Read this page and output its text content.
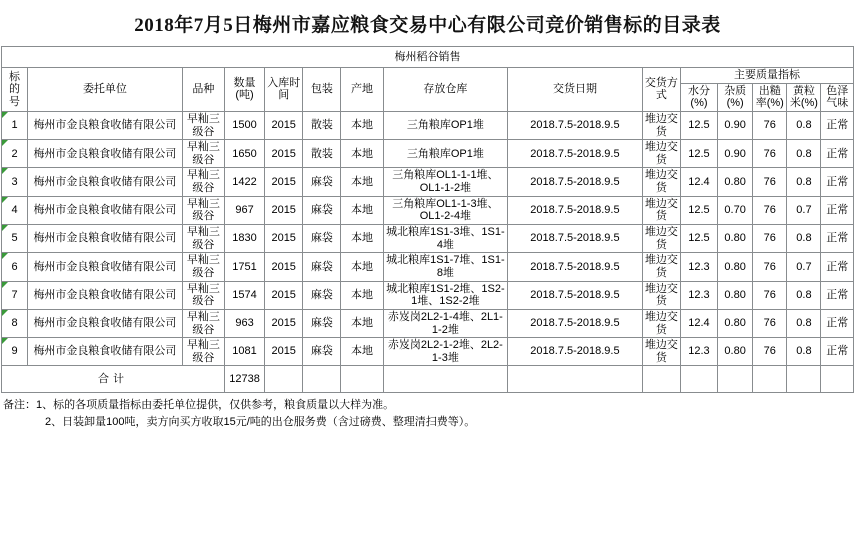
2018年7月5日梅州市嘉应粮食交易中心有限公司竞价销售标的目录表
梅州稻谷销售														
标的号	委托单位	品种	数量(吨)	入库时间	包装	产地	存放仓库	交货日期	交货方式	主要质量指标				
										水分(%)	杂质(%)	出糙率(%)	黄粒米(%)	色泽气味
1	梅州市金良粮食收储有限公司	早籼三级谷	1500	2015	散装	本地	三角粮库OP1堆	2018.7.5-2018.9.5	堆边交货	12.5	0.90	76	0.8	正常
2	梅州市金良粮食收储有限公司	早籼三级谷	1650	2015	散装	本地	三角粮库OP1堆	2018.7.5-2018.9.5	堆边交货	12.5	0.90	76	0.8	正常
3	梅州市金良粮食收储有限公司	早籼三级谷	1422	2015	麻袋	本地	三角粮库OL1-1-1堆、OL1-1-2堆	2018.7.5-2018.9.5	堆边交货	12.4	0.80	76	0.8	正常
4	梅州市金良粮食收储有限公司	早籼三级谷	967	2015	麻袋	本地	三角粮库OL1-1-3堆、OL1-2-4堆	2018.7.5-2018.9.5	堆边交货	12.5	0.70	76	0.7	正常
5	梅州市金良粮食收储有限公司	早籼三级谷	1830	2015	麻袋	本地	城北粮库1S1-3堆、1S1-4堆	2018.7.5-2018.9.5	堆边交货	12.5	0.80	76	0.8	正常
6	梅州市金良粮食收储有限公司	早籼三级谷	1751	2015	麻袋	本地	城北粮库1S1-7堆、1S1-8堆	2018.7.5-2018.9.5	堆边交货	12.3	0.80	76	0.7	正常
7	梅州市金良粮食收储有限公司	早籼三级谷	1574	2015	麻袋	本地	城北粮库1S1-2堆、1S2-1堆、1S2-2堆	2018.7.5-2018.9.5	堆边交货	12.3	0.80	76	0.8	正常
8	梅州市金良粮食收储有限公司	早籼三级谷	963	2015	麻袋	本地	赤岌岗2L2-1-4堆、2L1-1-2堆	2018.7.5-2018.9.5	堆边交货	12.4	0.80	76	0.8	正常
9	梅州市金良粮食收储有限公司	早籼三级谷	1081	2015	麻袋	本地	赤岌岗2L2-1-2堆、2L2-1-3堆	2018.7.5-2018.9.5	堆边交货	12.3	0.80	76	0.8	正常
合计			12738											
备注：1、标的各项质量指标由委托单位提供，仅供参考，粮食质量以大样为准。
2、日装卸量100吨，卖方向买方收取15元/吨的出仓服务费（含过磅费、整理清扫费等）。
